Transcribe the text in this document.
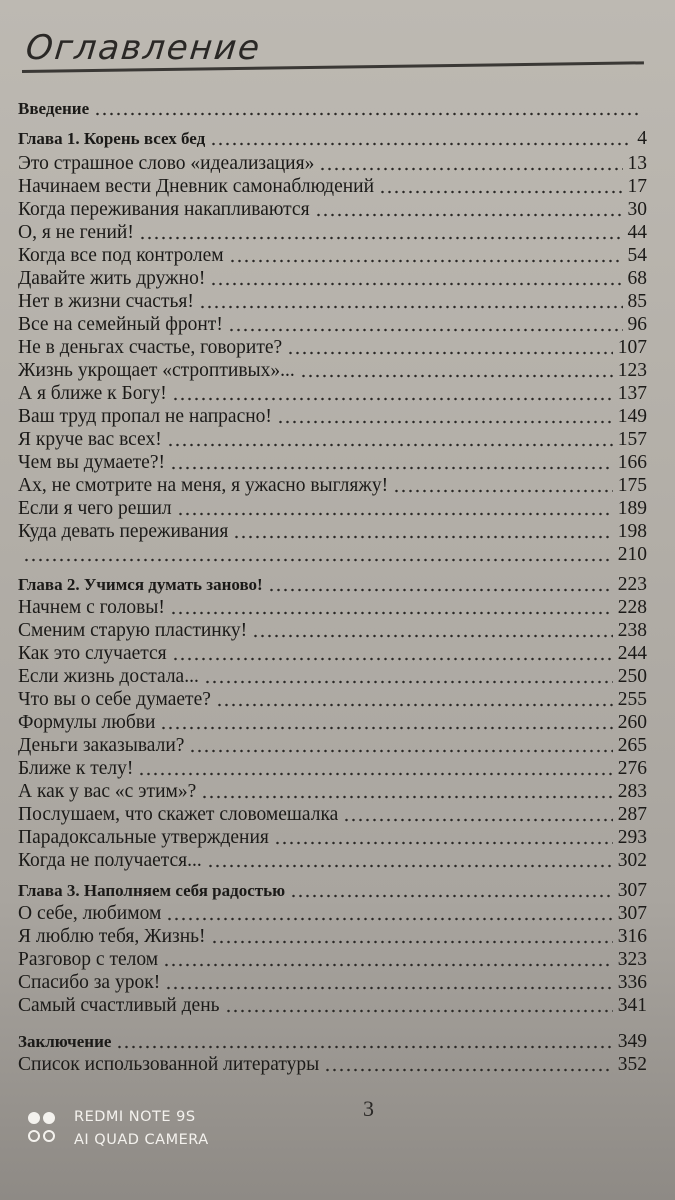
Оглавление
Введение
Глава 1. Корень всех бед	4
Это страшное слово «идеализация»	13
Начинаем вести Дневник самонаблюдений	17
Когда переживания накапливаются	30
О, я не гений!	44
Когда все под контролем	54
Давайте жить дружно!	68
Нет в жизни счастья!	85
Все на семейный фронт!	96
Не в деньгах счастье, говорите?	107
Жизнь укрощает «строптивых»...	123
А я ближе к Богу!	137
Ваш труд пропал не напрасно!	149
Я круче вас всех!	157
Чем вы думаете?!	166
Ах, не смотрите на меня, я ужасно выгляжу!	175
Если я чего решил	189
Куда девать переживания	198
210
Глава 2. Учимся думать заново!	223
Начнем с головы!	228
Сменим старую пластинку!	238
Как это случается	244
Если жизнь достала...	250
Что вы о себе думаете?	255
Формулы любви	260
Деньги заказывали?	265
Ближе к телу!	276
А как у вас «с этим»?	283
Послушаем, что скажет словомешалка	287
Парадоксальные утверждения	293
Когда не получается...	302
Глава 3. Наполняем себя радостью	307
О себе, любимом	307
Я люблю тебя, Жизнь!	316
Разговор с телом	323
Спасибо за урок!	336
Самый счастливый день	341
Заключение	349
Список использованной литературы	352
3
REDMI NOTE 9S
AI QUAD CAMERA
